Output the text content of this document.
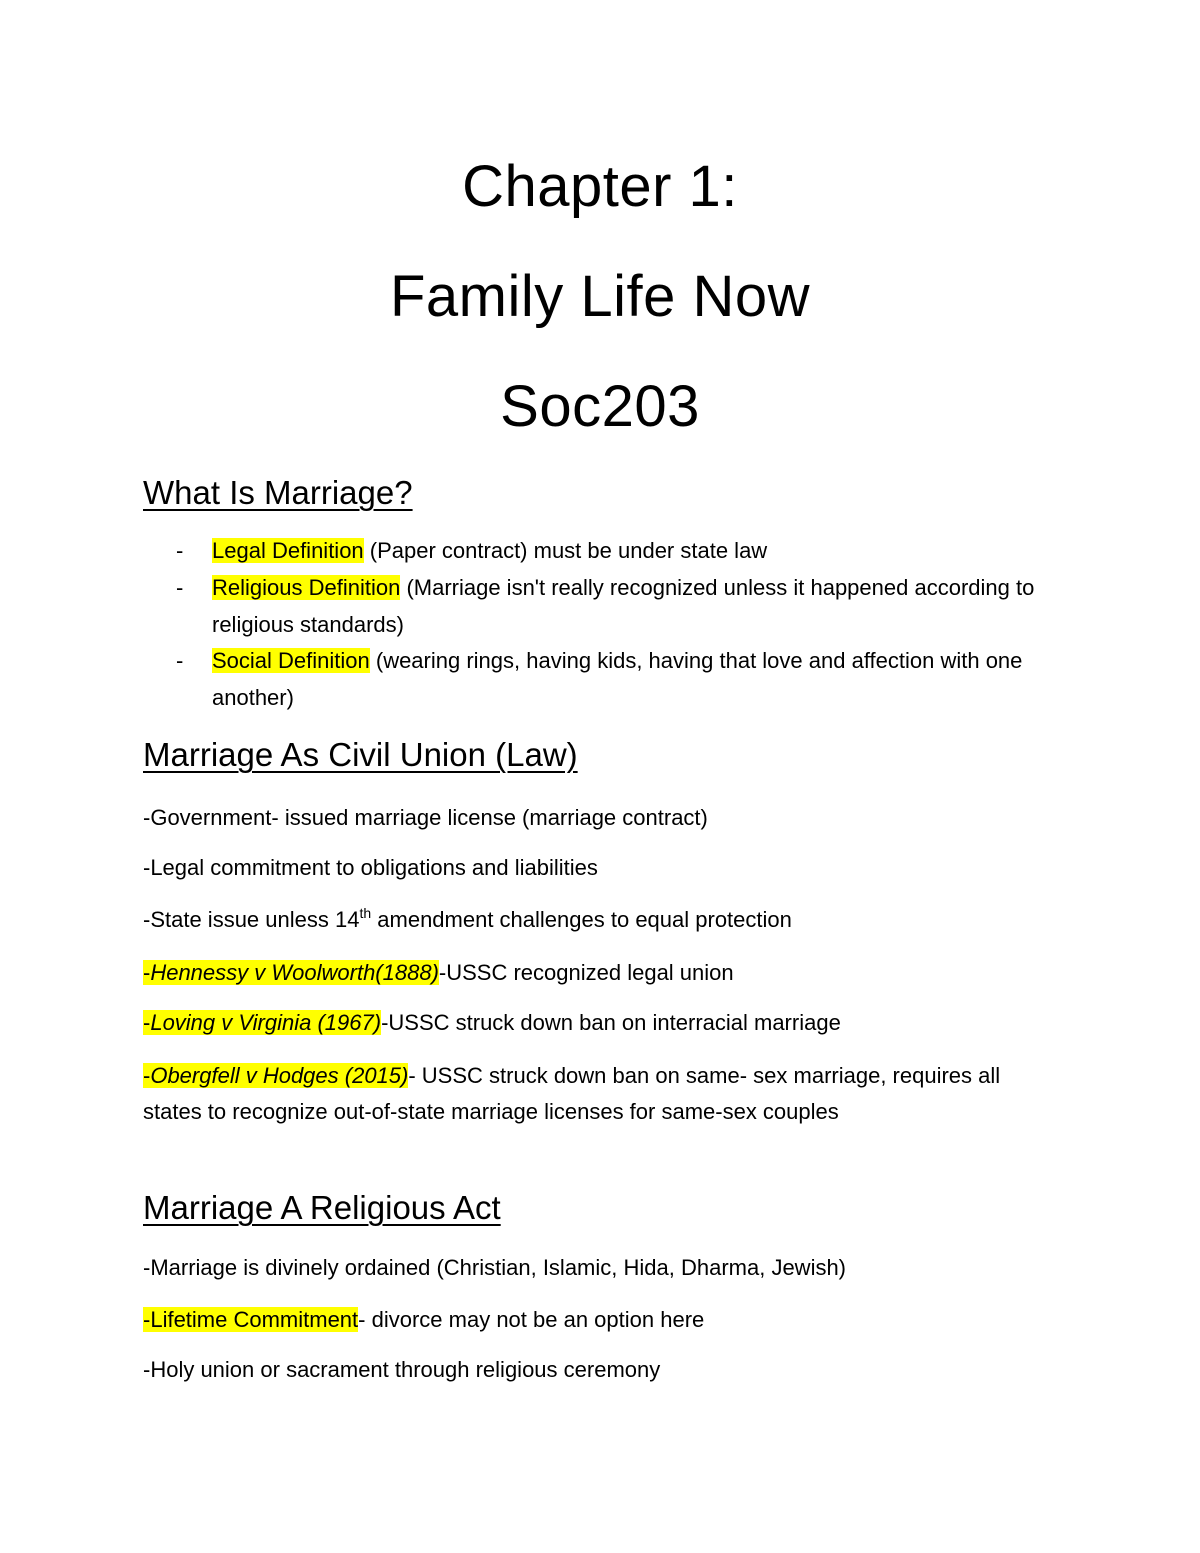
Chapter 1:
Family Life Now
Soc203
What Is Marriage?
- Legal Definition (Paper contract) must be under state law
- Religious Definition (Marriage isn't really recognized unless it happened according to religious standards)
- Social Definition (wearing rings, having kids, having that love and affection with one another)
Marriage As Civil Union (Law)
-Government- issued marriage license (marriage contract)
-Legal commitment to obligations and liabilities
-State issue unless 14th amendment challenges to equal protection
-Hennessy v Woolworth(1888)-USSC recognized legal union
-Loving v Virginia (1967)-USSC struck down ban on interracial marriage
-Obergfell v Hodges (2015)- USSC struck down ban on same- sex marriage, requires all states to recognize out-of-state marriage licenses for same-sex couples
Marriage A Religious Act
-Marriage is divinely ordained (Christian, Islamic, Hida, Dharma, Jewish)
-Lifetime Commitment- divorce may not be an option here
-Holy union or sacrament through religious ceremony
